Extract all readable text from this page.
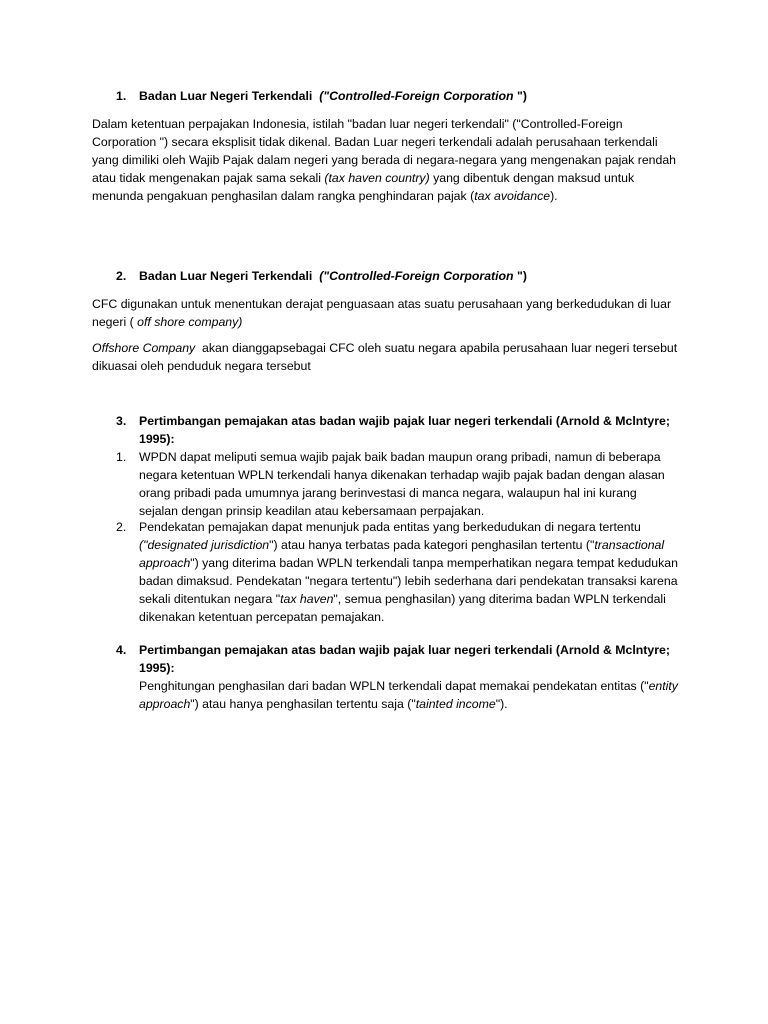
1.	Badan Luar Negeri Terkendali ("Controlled-Foreign Corporation ")

Dalam ketentuan perpajakan Indonesia, istilah "badan luar negeri terkendali" ("Controlled-Foreign Corporation ") secara eksplisit tidak dikenal. Badan Luar negeri terkendali adalah perusahaan terkendali yang dimiliki oleh Wajib Pajak dalam negeri yang berada di negara-negara yang mengenakan pajak rendah atau tidak mengenakan pajak sama sekali (tax haven country) yang dibentuk dengan maksud untuk menunda pengakuan penghasilan dalam rangka penghindaran pajak (tax avoidance).

2.	Badan Luar Negeri Terkendali ("Controlled-Foreign Corporation ")

CFC digunakan untuk menentukan derajat penguasaan atas suatu perusahaan yang berkedudukan di luar negeri ( off shore company)

Offshore Company akan dianggapsebagai CFC oleh suatu negara apabila perusahaan luar negeri tersebut dikuasai oleh penduduk negara tersebut

3.	Pertimbangan pemajakan atas badan wajib pajak luar negeri terkendali (Arnold & Mclntyre; 1995):
1.	WPDN dapat meliputi semua wajib pajak baik badan maupun orang pribadi, namun di beberapa negara ketentuan WPLN terkendali hanya dikenakan terhadap wajib pajak badan dengan alasan orang pribadi pada umumnya jarang berinvestasi di manca negara, walaupun hal ini kurang sejalan dengan prinsip keadilan atau kebersamaan perpajakan.

2.	Pendekatan pemajakan dapat menunjuk pada entitas yang berkedudukan di negara tertentu ("designated jurisdiction") atau hanya terbatas pada kategori penghasilan tertentu ("transactional approach") yang diterima badan WPLN terkendali tanpa memperhatikan negara tempat kedudukan badan dimaksud. Pendekatan "negara tertentu") lebih sederhana dari pendekatan transaksi karena sekali ditentukan negara "tax haven", semua penghasilan) yang diterima badan WPLN terkendali dikenakan ketentuan percepatan pemajakan.

4.	Pertimbangan pemajakan atas badan wajib pajak luar negeri terkendali (Arnold & Mclntyre; 1995):

Penghitungan penghasilan dari badan WPLN terkendali dapat memakai pendekatan entitas ("entity approach") atau hanya penghasilan tertentu saja ("tainted income").
